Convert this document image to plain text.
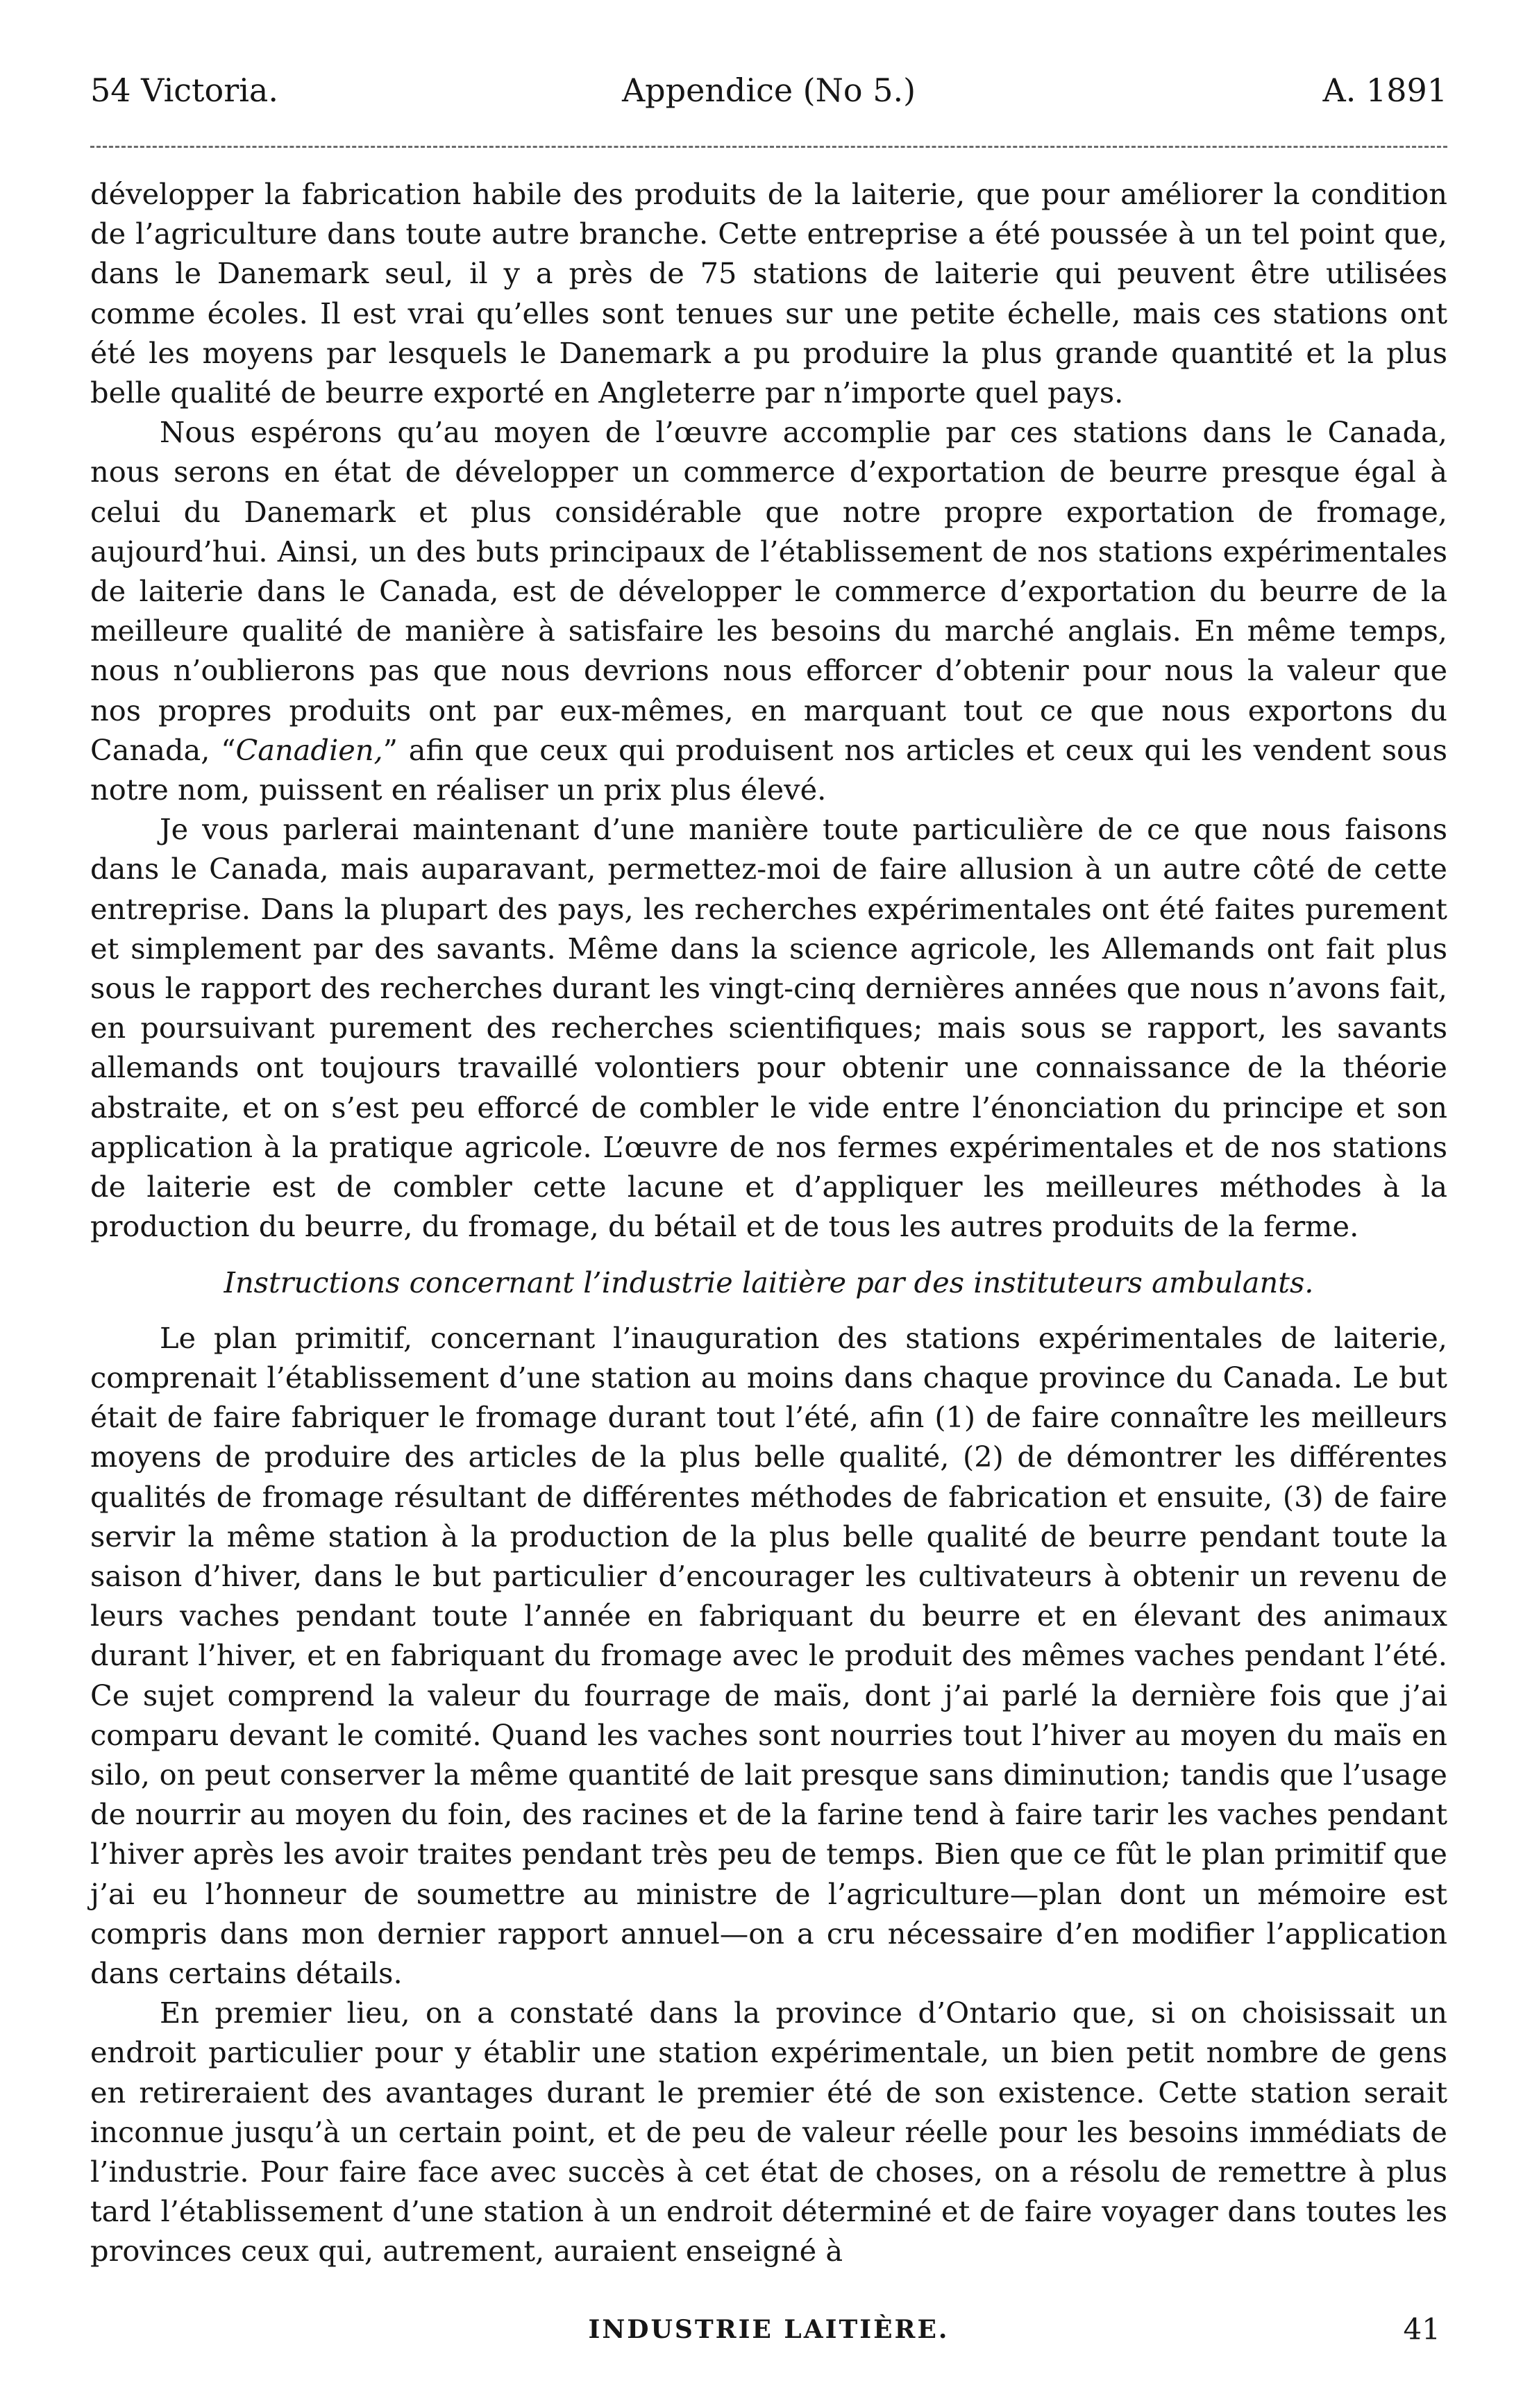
54 Victoria.	Appendice (No 5.)	A. 1891

développer la fabrication habile des produits de la laiterie, que pour améliorer la condition de l’agriculture dans toute autre branche. Cette entreprise a été poussée à un tel point que, dans le Danemark seul, il y a près de 75 stations de laiterie qui peuvent être utilisées comme écoles. Il est vrai qu’elles sont tenues sur une petite échelle, mais ces stations ont été les moyens par lesquels le Danemark a pu produire la plus grande quantité et la plus belle qualité de beurre exporté en Angleterre par n’importe quel pays.

Nous espérons qu’au moyen de l’œuvre accomplie par ces stations dans le Canada, nous serons en état de développer un commerce d’exportation de beurre presque égal à celui du Danemark et plus considérable que notre propre exportation de fromage, aujourd’hui. Ainsi, un des buts principaux de l’établissement de nos stations expérimentales de laiterie dans le Canada, est de développer le commerce d’exportation du beurre de la meilleure qualité de manière à satisfaire les besoins du marché anglais. En même temps, nous n’oublierons pas que nous devrions nous efforcer d’obtenir pour nous la valeur que nos propres produits ont par eux-mêmes, en marquant tout ce que nous exportons du Canada, “Canadien,” afin que ceux qui produisent nos articles et ceux qui les vendent sous notre nom, puissent en réaliser un prix plus élevé.

Je vous parlerai maintenant d’une manière toute particulière de ce que nous faisons dans le Canada, mais auparavant, permettez-moi de faire allusion à un autre côté de cette entreprise. Dans la plupart des pays, les recherches expérimentales ont été faites purement et simplement par des savants. Même dans la science agricole, les Allemands ont fait plus sous le rapport des recherches durant les vingt-cinq dernières années que nous n’avons fait, en poursuivant purement des recherches scientifiques; mais sous se rapport, les savants allemands ont toujours travaillé volontiers pour obtenir une connaissance de la théorie abstraite, et on s’est peu efforcé de combler le vide entre l’énonciation du principe et son application à la pratique agricole. L’œuvre de nos fermes expérimentales et de nos stations de laiterie est de combler cette lacune et d’appliquer les meilleures méthodes à la production du beurre, du fromage, du bétail et de tous les autres produits de la ferme.

Instructions concernant l’industrie laitière par des instituteurs ambulants.

Le plan primitif, concernant l’inauguration des stations expérimentales de laiterie, comprenait l’établissement d’une station au moins dans chaque province du Canada. Le but était de faire fabriquer le fromage durant tout l’été, afin (1) de faire connaître les meilleurs moyens de produire des articles de la plus belle qualité, (2) de démontrer les différentes qualités de fromage résultant de différentes méthodes de fabrication et ensuite, (3) de faire servir la même station à la production de la plus belle qualité de beurre pendant toute la saison d’hiver, dans le but particulier d’encourager les cultivateurs à obtenir un revenu de leurs vaches pendant toute l’année en fabriquant du beurre et en élevant des animaux durant l’hiver, et en fabriquant du fromage avec le produit des mêmes vaches pendant l’été. Ce sujet comprend la valeur du fourrage de maïs, dont j’ai parlé la dernière fois que j’ai comparu devant le comité. Quand les vaches sont nourries tout l’hiver au moyen du maïs en silo, on peut conserver la même quantité de lait presque sans diminution; tandis que l’usage de nourrir au moyen du foin, des racines et de la farine tend à faire tarir les vaches pendant l’hiver après les avoir traites pendant très peu de temps. Bien que ce fût le plan primitif que j’ai eu l’honneur de soumettre au ministre de l’agriculture—plan dont un mémoire est compris dans mon dernier rapport annuel—on a cru nécessaire d’en modifier l’application dans certains détails.

En premier lieu, on a constaté dans la province d’Ontario que, si on choisissait un endroit particulier pour y établir une station expérimentale, un bien petit nombre de gens en retireraient des avantages durant le premier été de son existence. Cette station serait inconnue jusqu’à un certain point, et de peu de valeur réelle pour les besoins immédiats de l’industrie. Pour faire face avec succès à cet état de choses, on a résolu de remettre à plus tard l’établissement d’une station à un endroit déterminé et de faire voyager dans toutes les provinces ceux qui, autrement, auraient enseigné à

INDUSTRIE LAITIÈRE.	41
